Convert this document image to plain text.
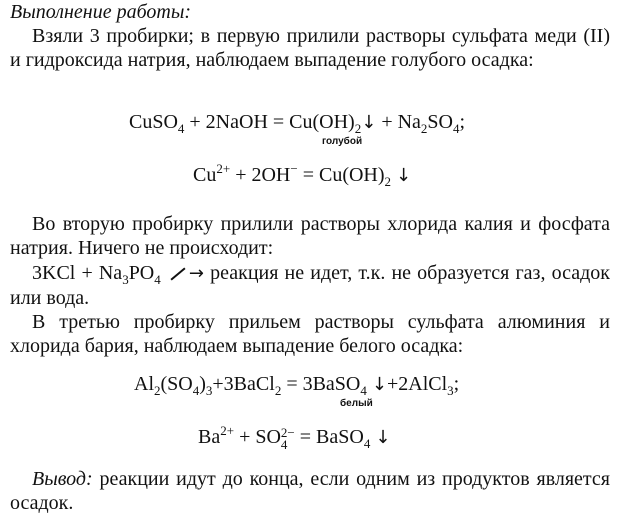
Выполнение работы:

Взяли 3 пробирки; в первую прилили растворы сульфата меди (II) и гидроксида натрия, наблюдаем выпадение голубого осадка:

CuSO$_4$ + 2NaOH = $Cu(OH)_2↓ + Na_2SO_4$;
голубой
$Cu^{2+} + 2OH^- = Cu(OH)_2$ ↓

Во вторую пробирку прилили растворы хлорида калия и фосфата натрия. Ничего не происходит:

$3KCl + Na_3PO_4$ → реакция не идет, т.к. не образуется газ, осадок или вода.

В третью пробирку прильем растворы сульфата алюминия и хлорида бария, наблюдаем выпадение белого осадка:

$Al_2(SO_4)_3+3BaCl_2$ = 3BaSO$_4$ ↓+2AlCl$_3$;
белый
$Ba^{2+}$ + SO 2−
4 = BaSO$_4$ ↓

Вывод: реакции идут до конца, если одним из продуктов является осадок.
